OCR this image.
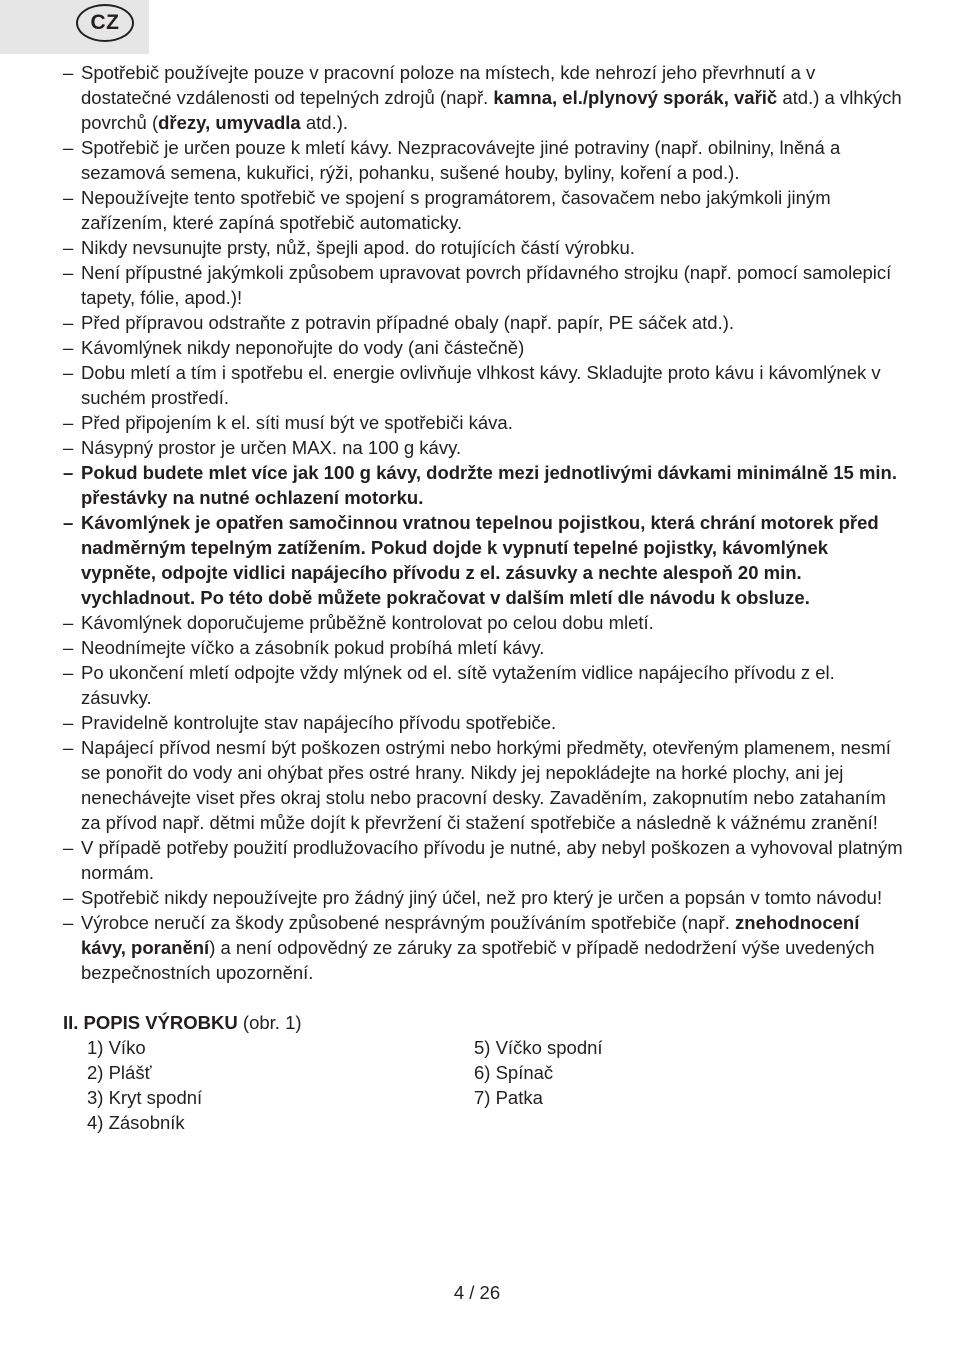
CZ
– Spotřebič používejte pouze v pracovní poloze na místech, kde nehrozí jeho převrhnutí a v dostatečné vzdálenosti od tepelných zdrojů (např. kamna, el./plynový sporák, vařič atd.) a vlhkých povrchů (dřezy, umyvadla atd.).
– Spotřebič je určen pouze k mletí kávy. Nezpracovávejte jiné potraviny (např. obilniny, lněná a sezamová semena, kukuřici, rýži, pohanku, sušené houby, byliny, koření a pod.).
– Nepoužívejte tento spotřebič ve spojení s programátorem, časovačem nebo jakýmkoli jiným zařízením, které zapíná spotřebič automaticky.
– Nikdy nevsunujte prsty, nůž, špejli apod. do rotujících částí výrobku.
– Není přípustné jakýmkoli způsobem upravovat povrch přídavného strojku (např. pomocí samolepicí tapety, fólie, apod.)!
– Před přípravou odstraňte z potravin případné obaly (např. papír, PE sáček atd.).
– Kávomlýnek nikdy neponořujte do vody (ani částečně)
– Dobu mletí a tím i spotřebu el. energie ovlivňuje vlhkost kávy. Skladujte proto kávu i kávomlýnek v suchém prostředí.
– Před připojením k el. síti musí být ve spotřebiči káva.
– Násypný prostor je určen MAX. na 100 g kávy.
– Pokud budete mlet více jak 100 g kávy, dodržte mezi jednotlivými dávkami minimálně 15 min. přestávky na nutné ochlazení motorku.
– Kávomlýnek je opatřen samočinnou vratnou tepelnou pojistkou, která chrání motorek před nadměrným tepelným zatížením. Pokud dojde k vypnutí tepelné pojistky, kávomlýnek vypněte, odpojte vidlici napájecího přívodu z el. zásuvky a nechte alespoň 20 min. vychladnout. Po této době můžete pokračovat v dalším mletí dle návodu k obsluze.
– Kávomlýnek doporučujeme průběžně kontrolovat po celou dobu mletí.
– Neodnímejte víčko a zásobník pokud probíhá mletí kávy.
– Po ukončení mletí odpojte vždy mlýnek od el. sítě vytažením vidlice napájecího přívodu z el. zásuvky.
– Pravidelně kontrolujte stav napájecího přívodu spotřebiče.
– Napájecí přívod nesmí být poškozen ostrými nebo horkými předměty, otevřeným plamenem, nesmí se ponořit do vody ani ohýbat přes ostré hrany. Nikdy jej nepokládejte na horké plochy, ani jej nenechávejte viset přes okraj stolu nebo pracovní desky. Zavaděním, zakopnutím nebo zatahaním za přívod např. dětmi může dojít k převržení či stažení spotřebiče a následně k vážnému zranění!
– V případě potřeby použití prodlužovacího přívodu je nutné, aby nebyl poškozen a vyhovoval platným normám.
– Spotřebič nikdy nepoužívejte pro žádný jiný účel, než pro který je určen a popsán v tomto návodu!
– Výrobce neručí za škody způsobené nesprávným používáním spotřebiče (např. znehodnocení kávy, poranění) a není odpovědný ze záruky za spotřebič v případě nedodržení výše uvedených bezpečnostních upozornění.
II. POPIS VÝROBKU (obr. 1)
1) Víko	5) Víčko spodní
2) Plášť	6) Spínač
3) Kryt spodní	7) Patka
4) Zásobník
4 / 26
